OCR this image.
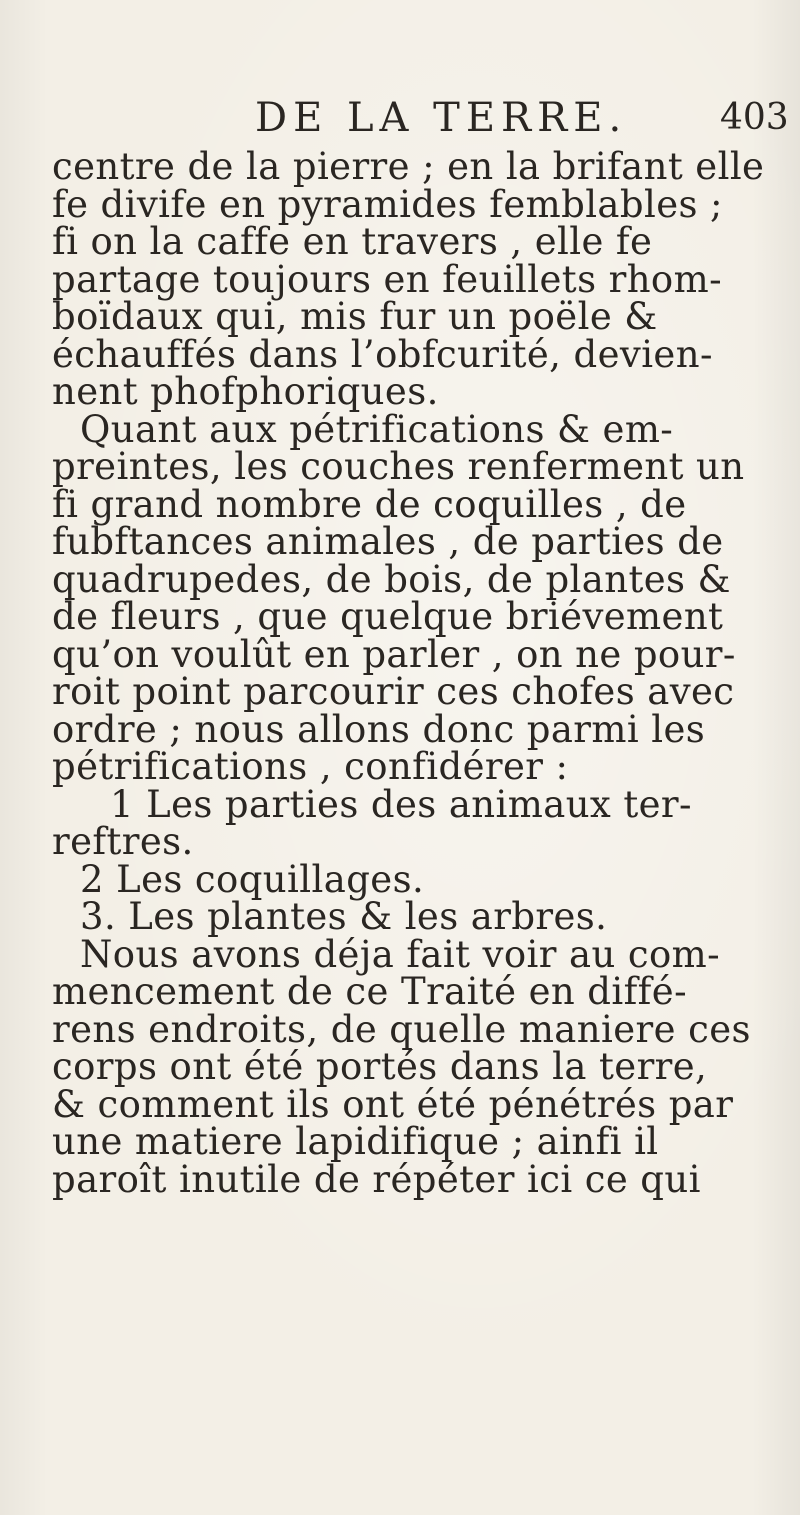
DE LA TERRE.	403
centre de la pierre ; en la brifant elle
fe divife en pyramides femblables ;
fi on la caffe en travers , elle fe
partage toujours en feuillets rhom-
boïdaux qui, mis fur un poële &
échauffés dans l’obfcurité, devien-
nent phofphoriques.
Quant aux pétrifications & em-
preintes, les couches renferment un
fi grand nombre de coquilles , de
fubftances animales , de parties de
quadrupedes, de bois, de plantes &
de fleurs , que quelque briévement
qu’on voulût en parler , on ne pour-
roit point parcourir ces chofes avec
ordre ; nous allons donc parmi les
pétrifications , confidérer :
1 Les parties des animaux ter-
reftres.
2 Les coquillages.
3. Les plantes & les arbres.
Nous avons déja fait voir au com-
mencement de ce Traité en diffé-
rens endroits, de quelle maniere ces
corps ont été portés dans la terre,
& comment ils ont été pénétrés par
une matiere lapidifique ; ainfi il
paroît inutile de répéter ici ce qui
